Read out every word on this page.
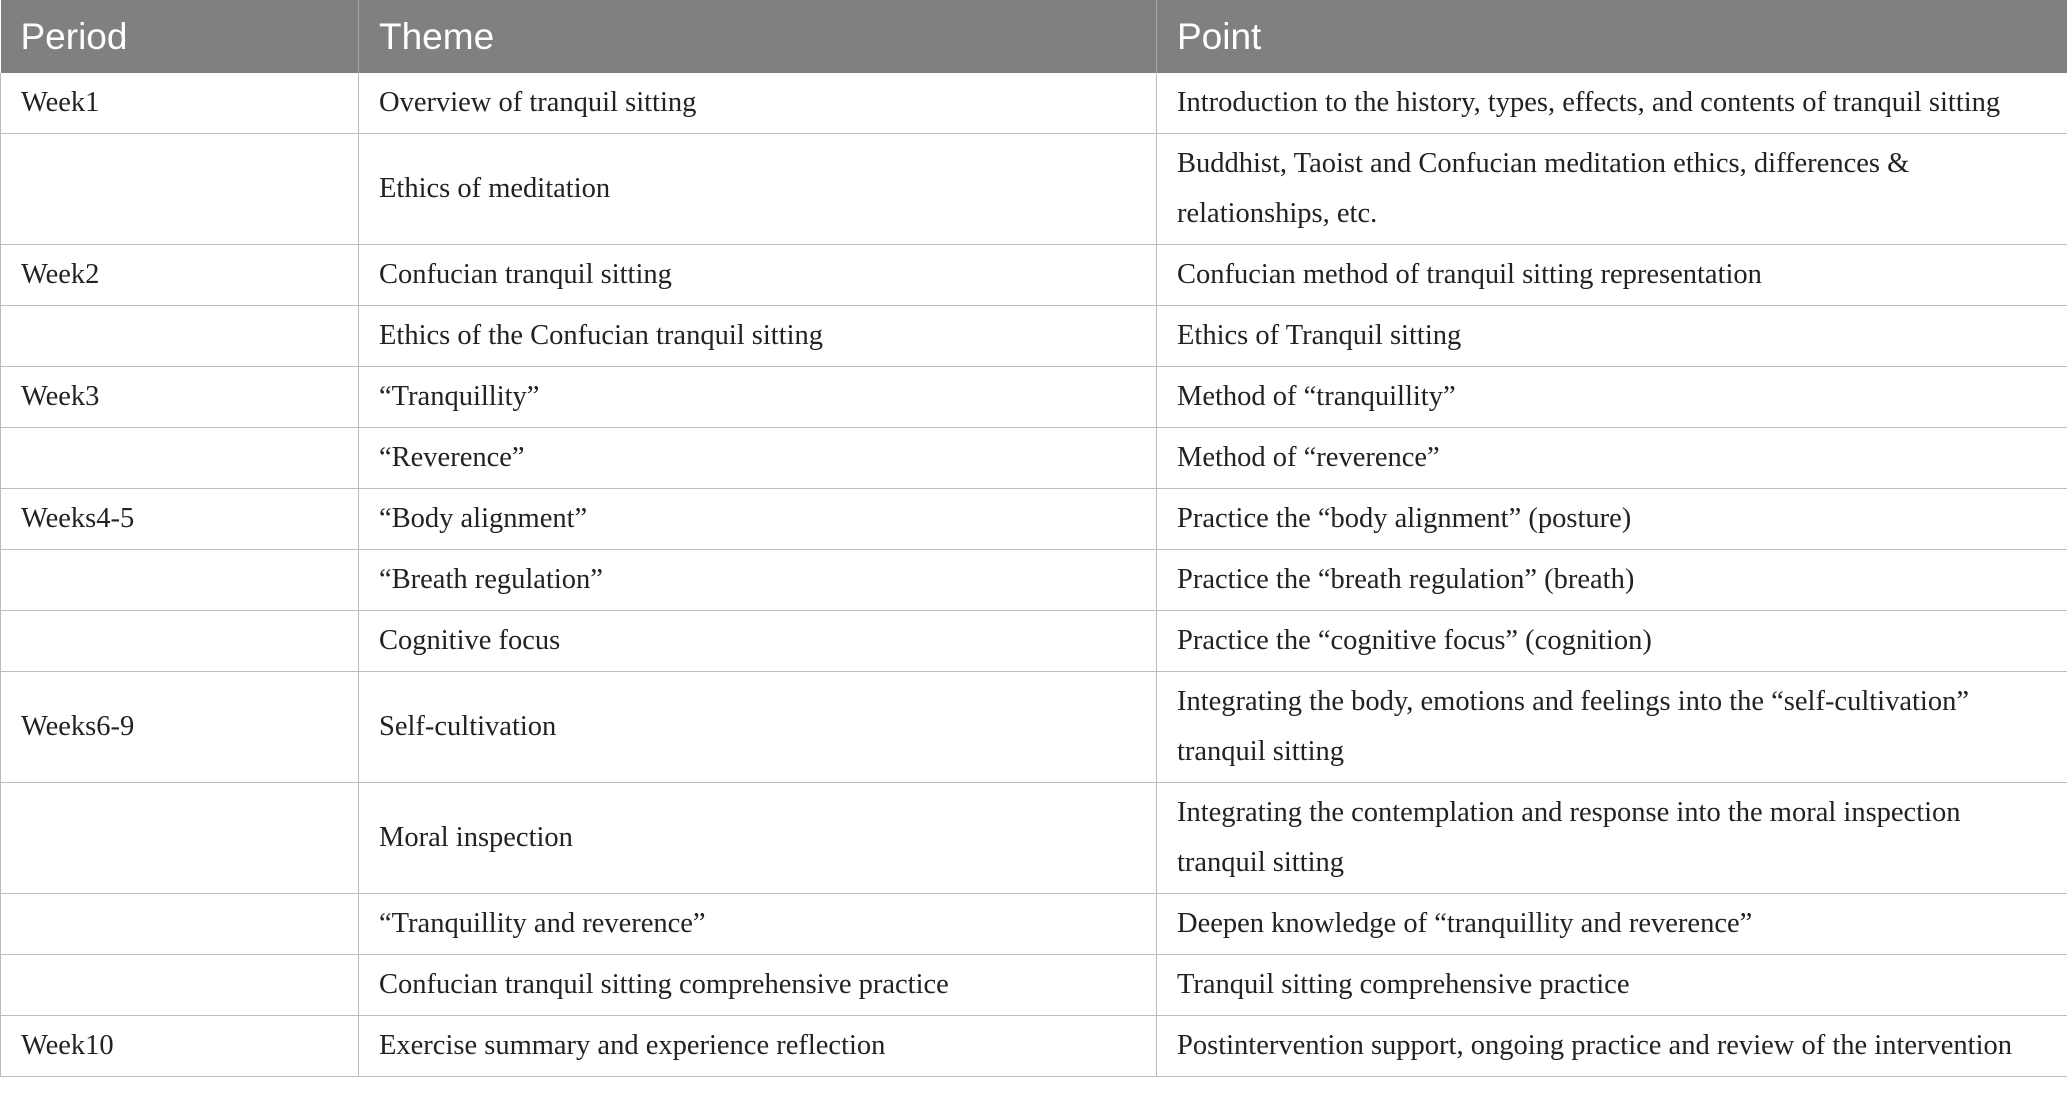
Period	Theme	Point
Week1	Overview of tranquil sitting	Introduction to the history, types, effects, and contents of tranquil sitting
	Ethics of meditation	Buddhist, Taoist and Confucian meditation ethics, differences & relationships, etc.
Week2	Confucian tranquil sitting	Confucian method of tranquil sitting representation
	Ethics of the Confucian tranquil sitting	Ethics of Tranquil sitting
Week3	“Tranquillity”	Method of “tranquillity”
	“Reverence”	Method of “reverence”
Weeks4-5	“Body alignment”	Practice the “body alignment” (posture)
	“Breath regulation”	Practice the “breath regulation” (breath)
	Cognitive focus	Practice the “cognitive focus” (cognition)
Weeks6-9	Self-cultivation	Integrating the body, emotions and feelings into the “self-cultivation” tranquil sitting
	Moral inspection	Integrating the contemplation and response into the moral inspection tranquil sitting
	“Tranquillity and reverence”	Deepen knowledge of “tranquillity and reverence”
	Confucian tranquil sitting comprehensive practice	Tranquil sitting comprehensive practice
Week10	Exercise summary and experience reflection	Postintervention support, ongoing practice and review of the intervention
